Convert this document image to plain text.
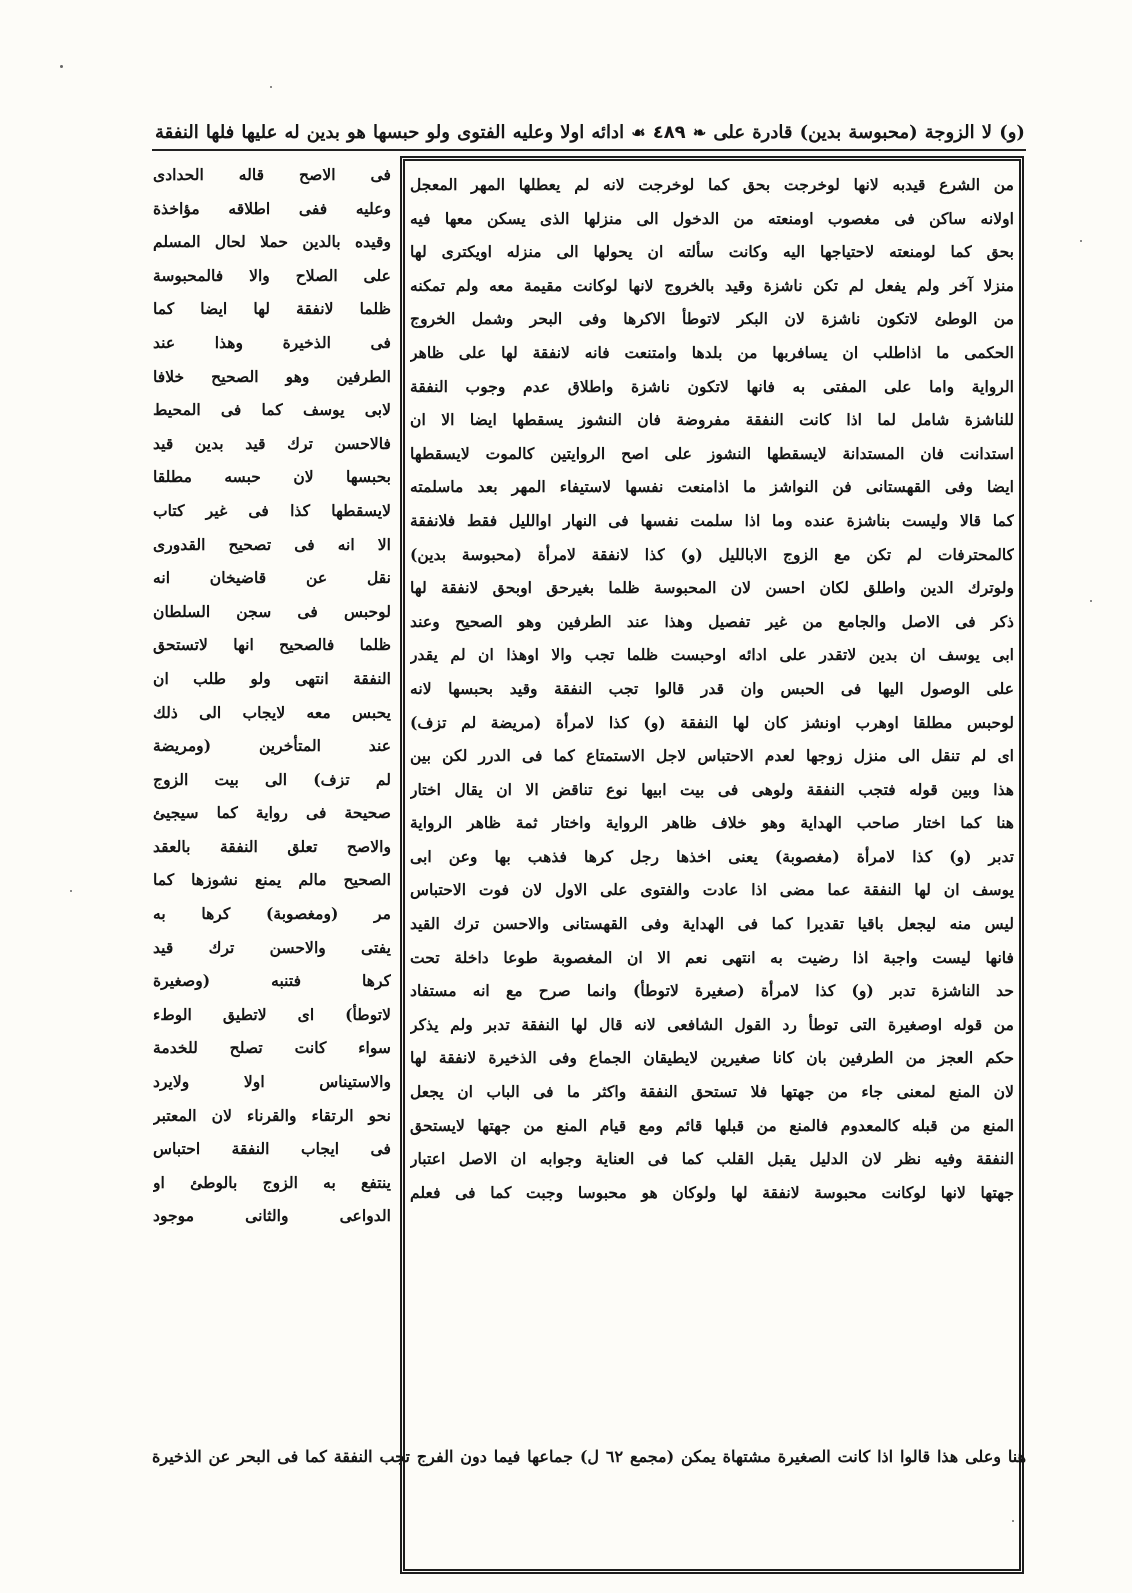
(و) لا الزوجة (محبوسة بدين) قادرة على ❧ ٤٨٩ ☙ ادائه اولا وعليه الفتوى ولو حبسها هو بدين له عليها فلها النفقة
من الشرع قيدبه لانها لوخرجت بحق كما لوخرجت لانه لم يعطلها المهر المعجل
اولانه ساكن فى مغصوب اومنعته من الدخول الى منزلها الذى يسكن معها فيه
بحق كما لومنعته لاحتياجها اليه وكانت سألته ان يحولها الى منزله اويكترى لها
منزلا آخر ولم يفعل لم تكن ناشزة وقيد بالخروج لانها لوكانت مقيمة معه ولم تمكنه
من الوطئ لاتكون ناشزة لان البكر لاتوطأ الاكرها وفى البحر وشمل الخروج
الحكمى ما اذاطلب ان يسافربها من بلدها وامتنعت فانه لانفقة لها على ظاهر
الرواية واما على المفتى به فانها لاتكون ناشزة واطلاق عدم وجوب النفقة
للناشزة شامل لما اذا كانت النفقة مفروضة فان النشوز يسقطها ايضا الا ان
استدانت فان المستدانة لايسقطها النشوز على اصح الروايتين كالموت لايسقطها
ايضا وفى القهستانى فن النواشز ما اذامنعت نفسها لاستيفاء المهر بعد ماسلمته
كما قالا وليست بناشزة عنده وما اذا سلمت نفسها فى النهار اوالليل فقط فلانفقة
كالمحترفات لم تكن مع الزوج الابالليل (و) كذا لانفقة لامرأة (محبوسة بدين)
ولوترك الدين واطلق لكان احسن لان المحبوسة ظلما بغيرحق اوبحق لانفقة لها
ذكر فى الاصل والجامع من غير تفصيل وهذا عند الطرفين وهو الصحيح وعند
ابى يوسف ان بدين لاتقدر على ادائه اوحبست ظلما تجب والا اوهذا ان لم يقدر
على الوصول اليها فى الحبس وان قدر قالوا تجب النفقة وقيد بحبسها لانه
لوحبس مطلقا اوهرب اونشز كان لها النفقة (و) كذا لامرأة (مريضة لم تزف)
اى لم تنقل الى منزل زوجها لعدم الاحتباس لاجل الاستمتاع كما فى الدرر لكن بين
هذا وبين قوله فتجب النفقة ولوهى فى بيت ابيها نوع تناقض الا ان يقال اختار
هنا كما اختار صاحب الهداية وهو خلاف ظاهر الرواية واختار ثمة ظاهر الرواية
تدبر (و) كذا لامرأة (مغصوبة) يعنى اخذها رجل كرها فذهب بها وعن ابى
يوسف ان لها النفقة عما مضى اذا عادت والفتوى على الاول لان فوت الاحتباس
ليس منه ليجعل باقيا تقديرا كما فى الهداية وفى القهستانى والاحسن ترك القيد
فانها ليست واجبة اذا رضيت به انتهى نعم الا ان المغصوبة طوعا داخلة تحت
حد الناشزة تدبر (و) كذا لامرأة (صغيرة لاتوطأ) وانما صرح مع انه مستفاد
من قوله اوصغيرة التى توطأ رد القول الشافعى لانه قال لها النفقة تدبر ولم يذكر
حكم العجز من الطرفين بان كانا صغيرين لايطيقان الجماع وفى الذخيرة لانفقة لها
لان المنع لمعنى جاء من جهتها فلا تستحق النفقة واكثر ما فى الباب ان يجعل
المنع من قبله كالمعدوم فالمنع من قبلها قائم ومع قيام المنع من جهتها لايستحق
النفقة وفيه نظر لان الدليل يقبل القلب كما فى العناية وجوابه ان الاصل اعتبار
جهتها لانها لوكانت محبوسة لانفقة لها ولوكان هو محبوسا وجبت كما فى فعلم
فى الاصح قاله الحدادى
وعليه ففى اطلاقه مؤاخذة
وقيده بالدين حملا لحال المسلم
على الصلاح والا فالمحبوسة
ظلما لانفقة لها ايضا كما
فى الذخيرة وهذا عند
الطرفين وهو الصحيح خلافا
لابى يوسف كما فى المحيط
فالاحسن ترك قيد بدين قيد
بحبسها لان حبسه مطلقا
لايسقطها كذا فى غير كتاب
الا انه فى تصحيح القدورى
نقل عن قاضيخان انه
لوحبس فى سجن السلطان
ظلما فالصحيح انها لاتستحق
النفقة انتهى ولو طلب ان
يحبس معه لايجاب الى ذلك
عند المتأخرين (ومريضة
لم تزف) الى بيت الزوج
صحيحة فى رواية كما سيجيئ
والاصح تعلق النفقة بالعقد
الصحيح مالم يمنع نشوزها كما
مر (ومغصوبة) كرها به
يفتى والاحسن ترك قيد
كرها فتنبه (وصغيرة
لاتوطأ) اى لاتطيق الوطء
سواء كانت تصلح للخدمة
والاستيناس اولا ولايرد
نحو الرتقاء والقرناء لان المعتبر
فى ايجاب النفقة احتباس
ينتفع به الزوج بالوطئ او
الدواعى والثانى موجود
هنا وعلى هذا قالوا اذا كانت الصغيرة مشتهاة يمكن (مجمع ٦٢ ل) جماعها فيما دون الفرج تجب النفقة كما فى البحر عن الذخيرة
